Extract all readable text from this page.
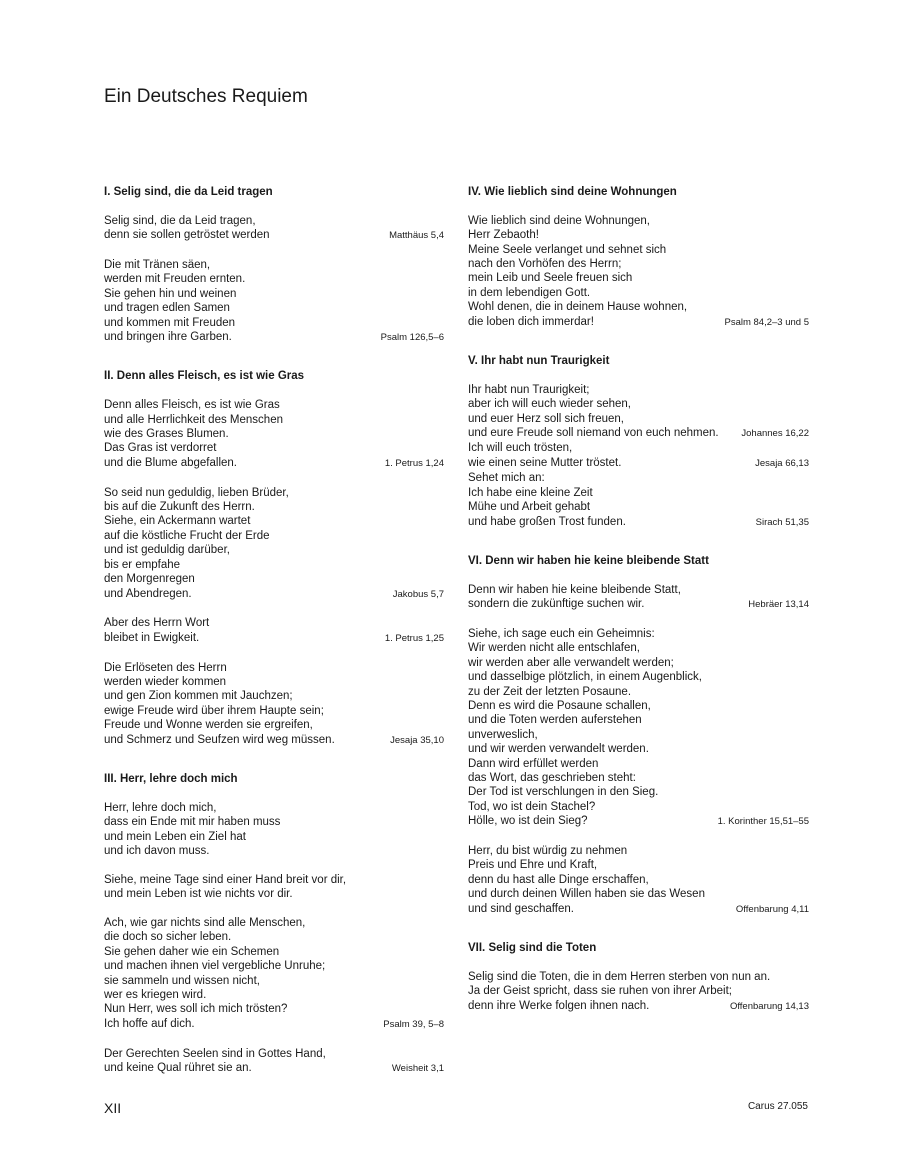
Ein Deutsches Requiem
I. Selig sind, die da Leid tragen
Selig sind, die da Leid tragen,
denn sie sollen getröstet werden	Matthäus 5,4
Die mit Tränen säen,
werden mit Freuden ernten.
Sie gehen hin und weinen
und tragen edlen Samen
und kommen mit Freuden
und bringen ihre Garben.	Psalm 126,5–6
II. Denn alles Fleisch, es ist wie Gras
Denn alles Fleisch, es ist wie Gras
und alle Herrlichkeit des Menschen
wie des Grases Blumen.
Das Gras ist verdorret
und die Blume abgefallen.	1. Petrus 1,24
So seid nun geduldig, lieben Brüder,
bis auf die Zukunft des Herrn.
Siehe, ein Ackermann wartet
auf die köstliche Frucht der Erde
und ist geduldig darüber,
bis er empfahe
den Morgenregen
und Abendregen.	Jakobus 5,7
Aber des Herrn Wort
bleibet in Ewigkeit.	1. Petrus 1,25
Die Erlöseten des Herrn
werden wieder kommen
und gen Zion kommen mit Jauchzen;
ewige Freude wird über ihrem Haupte sein;
Freude und Wonne werden sie ergreifen,
und Schmerz und Seufzen wird weg müssen.	Jesaja 35,10
III. Herr, lehre doch mich
Herr, lehre doch mich,
dass ein Ende mit mir haben muss
und mein Leben ein Ziel hat
und ich davon muss.
Siehe, meine Tage sind einer Hand breit vor dir,
und mein Leben ist wie nichts vor dir.
Ach, wie gar nichts sind alle Menschen,
die doch so sicher leben.
Sie gehen daher wie ein Schemen
und machen ihnen viel vergebliche Unruhe;
sie sammeln und wissen nicht,
wer es kriegen wird.
Nun Herr, wes soll ich mich trösten?
Ich hoffe auf dich.	Psalm 39, 5–8
Der Gerechten Seelen sind in Gottes Hand,
und keine Qual rühret sie an.	Weisheit 3,1
IV. Wie lieblich sind deine Wohnungen
Wie lieblich sind deine Wohnungen,
Herr Zebaoth!
Meine Seele verlanget und sehnet sich
nach den Vorhöfen des Herrn;
mein Leib und Seele freuen sich
in dem lebendigen Gott.
Wohl denen, die in deinem Hause wohnen,
die loben dich immerdar!	Psalm 84,2–3 und 5
V. Ihr habt nun Traurigkeit
Ihr habt nun Traurigkeit;
aber ich will euch wieder sehen,
und euer Herz soll sich freuen,
und eure Freude soll niemand von euch nehmen. Johannes 16,22
Ich will euch trösten,
wie einen seine Mutter tröstet.	Jesaja 66,13
Sehet mich an:
Ich habe eine kleine Zeit
Mühe und Arbeit gehabt
und habe großen Trost funden.	Sirach 51,35
VI. Denn wir haben hie keine bleibende Statt
Denn wir haben hie keine bleibende Statt,
sondern die zukünftige suchen wir.	Hebräer 13,14
Siehe, ich sage euch ein Geheimnis:
Wir werden nicht alle entschlafen,
wir werden aber alle verwandelt werden;
und dasselbige plötzlich, in einem Augenblick,
zu der Zeit der letzten Posaune.
Denn es wird die Posaune schallen,
und die Toten werden auferstehen
unverweslich,
und wir werden verwandelt werden.
Dann wird erfüllet werden
das Wort, das geschrieben steht:
Der Tod ist verschlungen in den Sieg.
Tod, wo ist dein Stachel?
Hölle, wo ist dein Sieg?	1. Korinther 15,51–55
Herr, du bist würdig zu nehmen
Preis und Ehre und Kraft,
denn du hast alle Dinge erschaffen,
und durch deinen Willen haben sie das Wesen
und sind geschaffen.	Offenbarung 4,11
VII. Selig sind die Toten
Selig sind die Toten, die in dem Herren sterben von nun an.
Ja der Geist spricht, dass sie ruhen von ihrer Arbeit;
denn ihre Werke folgen ihnen nach.	Offenbarung 14,13
XII	Carus 27.055
